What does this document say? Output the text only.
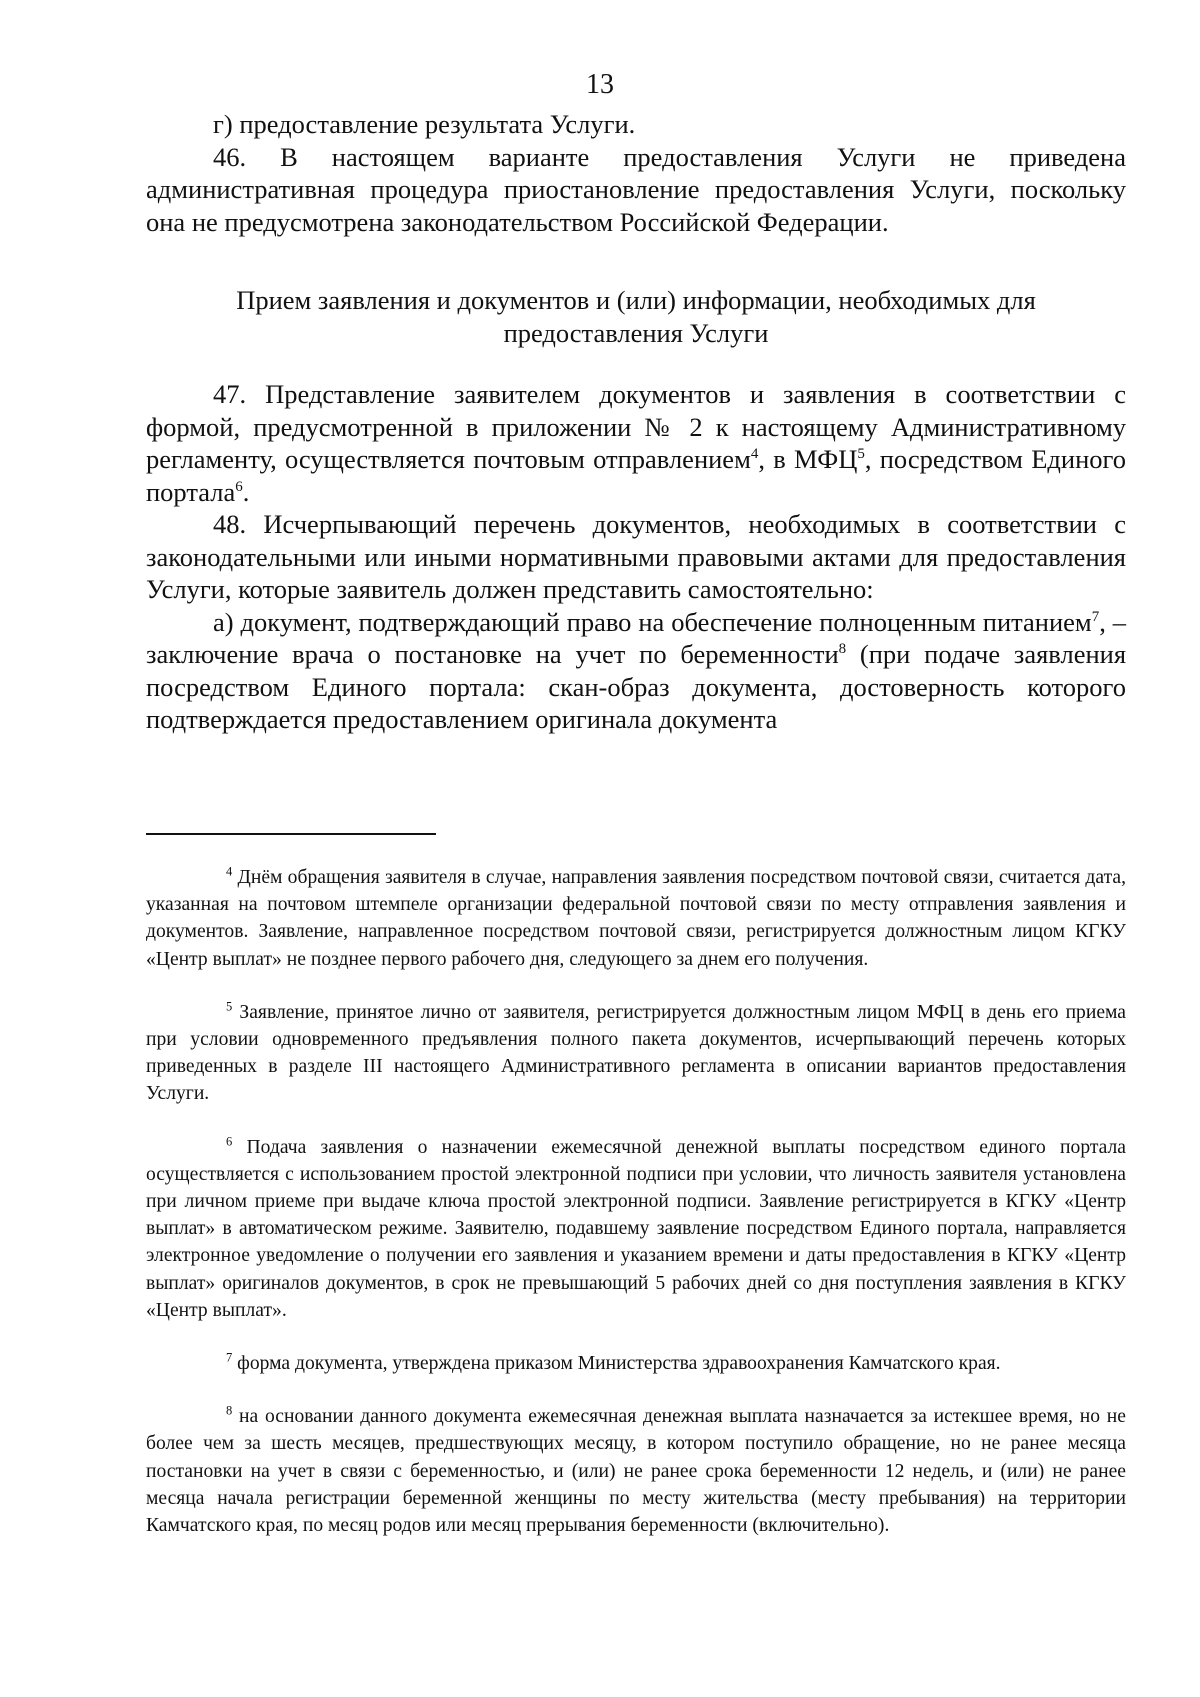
13

г) предоставление результата Услуги.

46. В настоящем варианте предоставления Услуги не приведена административная процедура приостановление предоставления Услуги, поскольку она не предусмотрена законодательством Российской Федерации.

Прием заявления и документов и (или) информации, необходимых для
предоставления Услуги

47. Представление заявителем документов и заявления в соответствии с формой, предусмотренной в приложении № 2 к настоящему Административному регламенту, осуществляется почтовым отправлением$^4$, в МФЦ$^5$, посредством Единого портала$^6$.

48. Исчерпывающий перечень документов, необходимых в соответствии с законодательными или иными нормативными правовыми актами для предоставления Услуги, которые заявитель должен представить самостоятельно:

а) документ, подтверждающий право на обеспечение полноценным питанием$^7$, – заключение врача о постановке на учет по беременности$^8$ (при подаче заявления посредством Единого портала: скан-образ документа, достоверность которого подтверждается предоставлением оригинала документа

$^4$ Днём обращения заявителя в случае, направления заявления посредством почтовой связи, считается дата, указанная на почтовом штемпеле организации федеральной почтовой связи по месту отправления заявления и документов. Заявление, направленное посредством почтовой связи, регистрируется должностным лицом КГКУ «Центр выплат» не позднее первого рабочего дня, следующего за днем его получения.

$^5$ Заявление, принятое лично от заявителя, регистрируется должностным лицом МФЦ в день его приема при условии одновременного предъявления полного пакета документов, исчерпывающий перечень которых приведенных в разделе III настоящего Административного регламента в описании вариантов предоставления Услуги.

$^6$ Подача заявления о назначении ежемесячной денежной выплаты посредством единого портала осуществляется с использованием простой электронной подписи при условии, что личность заявителя установлена при личном приеме при выдаче ключа простой электронной подписи. Заявление регистрируется в КГКУ «Центр выплат» в автоматическом режиме. Заявителю, подавшему заявление посредством Единого портала, направляется электронное уведомление о получении его заявления и указанием времени и даты предоставления в КГКУ «Центр выплат» оригиналов документов, в срок не превышающий 5 рабочих дней со дня поступления заявления в КГКУ «Центр выплат».

$^7$ форма документа, утверждена приказом Министерства здравоохранения Камчатского края.

$^8$ на основании данного документа ежемесячная денежная выплата назначается за истекшее время, но не более чем за шесть месяцев, предшествующих месяцу, в котором поступило обращение, но не ранее месяца постановки на учет в связи с беременностью, и (или) не ранее срока беременности 12 недель, и (или) не ранее месяца начала регистрации беременной женщины по месту жительства (месту пребывания) на территории Камчатского края, по месяц родов или месяц прерывания беременности (включительно).
